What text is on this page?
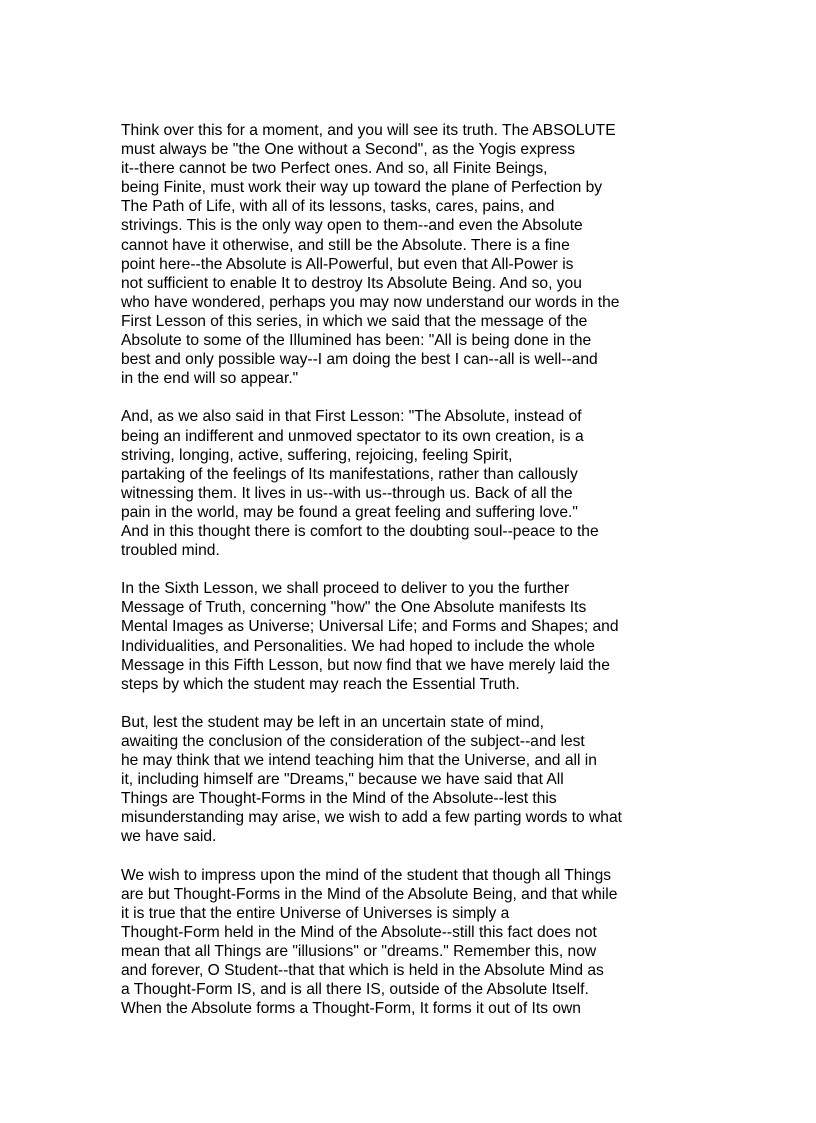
Think over this for a moment, and you will see its truth. The ABSOLUTE
must always be "the One without a Second", as the Yogis express
it--there cannot be two Perfect ones. And so, all Finite Beings,
being Finite, must work their way up toward the plane of Perfection by
The Path of Life, with all of its lessons, tasks, cares, pains, and
strivings. This is the only way open to them--and even the Absolute
cannot have it otherwise, and still be the Absolute. There is a fine
point here--the Absolute is All-Powerful, but even that All-Power is
not sufficient to enable It to destroy Its Absolute Being. And so, you
who have wondered, perhaps you may now understand our words in the
First Lesson of this series, in which we said that the message of the
Absolute to some of the Illumined has been: "All is being done in the
best and only possible way--I am doing the best I can--all is well--and
in the end will so appear."
And, as we also said in that First Lesson: "The Absolute, instead of
being an indifferent and unmoved spectator to its own creation, is a
striving, longing, active, suffering, rejoicing, feeling Spirit,
partaking of the feelings of Its manifestations, rather than callously
witnessing them. It lives in us--with us--through us. Back of all the
pain in the world, may be found a great feeling and suffering love."
And in this thought there is comfort to the doubting soul--peace to the
troubled mind.
In the Sixth Lesson, we shall proceed to deliver to you the further
Message of Truth, concerning "how" the One Absolute manifests Its
Mental Images as Universe; Universal Life; and Forms and Shapes; and
Individualities, and Personalities. We had hoped to include the whole
Message in this Fifth Lesson, but now find that we have merely laid the
steps by which the student may reach the Essential Truth.
But, lest the student may be left in an uncertain state of mind,
awaiting the conclusion of the consideration of the subject--and lest
he may think that we intend teaching him that the Universe, and all in
it, including himself are "Dreams," because we have said that All
Things are Thought-Forms in the Mind of the Absolute--lest this
misunderstanding may arise, we wish to add a few parting words to what
we have said.
We wish to impress upon the mind of the student that though all Things
are but Thought-Forms in the Mind of the Absolute Being, and that while
it is true that the entire Universe of Universes is simply a
Thought-Form held in the Mind of the Absolute--still this fact does not
mean that all Things are "illusions" or "dreams." Remember this, now
and forever, O Student--that that which is held in the Absolute Mind as
a Thought-Form IS, and is all there IS, outside of the Absolute Itself.
When the Absolute forms a Thought-Form, It forms it out of Its own
